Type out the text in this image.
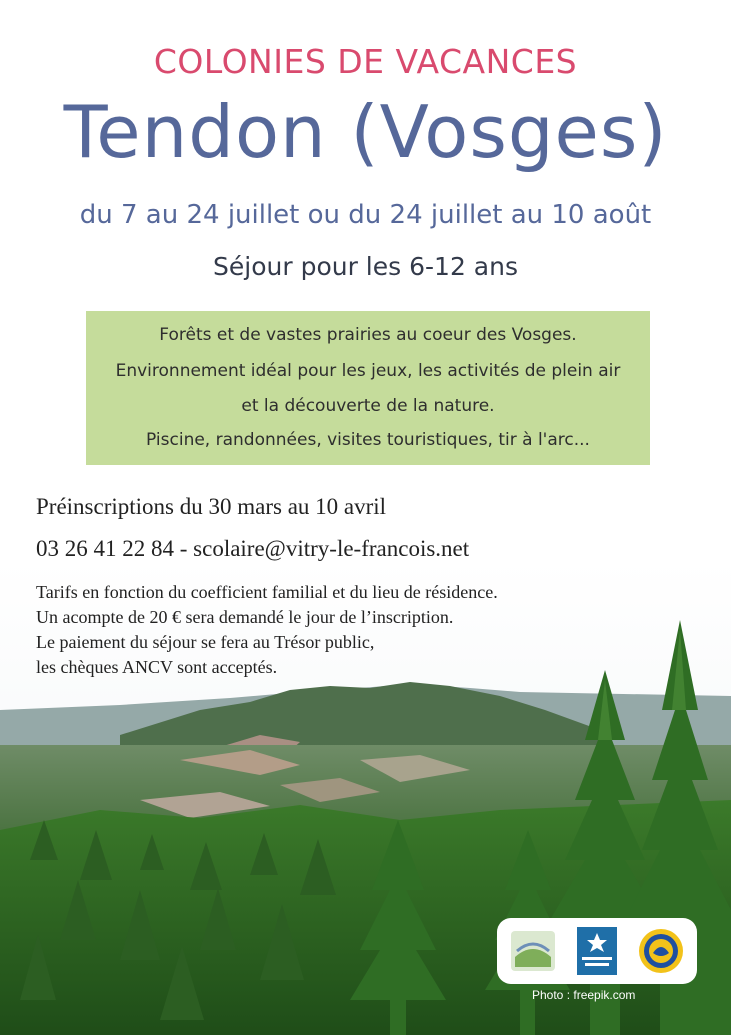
COLONIES DE VACANCES
Tendon (Vosges)
du 7 au 24 juillet ou du 24 juillet au 10 août
Séjour pour les 6-12 ans
Forêts et de vastes prairies au coeur des Vosges.
Environnement idéal pour les jeux, les activités de plein air
et la découverte de la nature.
Piscine, randonnées, visites touristiques, tir à l'arc...
Préinscriptions du 30 mars au 10 avril
03 26 41 22 84 - scolaire@vitry-le-francois.net
Tarifs en fonction du coefficient familial et du lieu de résidence.
Un acompte de 20 € sera demandé le jour de l’inscription.
Le paiement du séjour se fera au Trésor public,
les chèques ANCV sont acceptés.
Photo : freepik.com
